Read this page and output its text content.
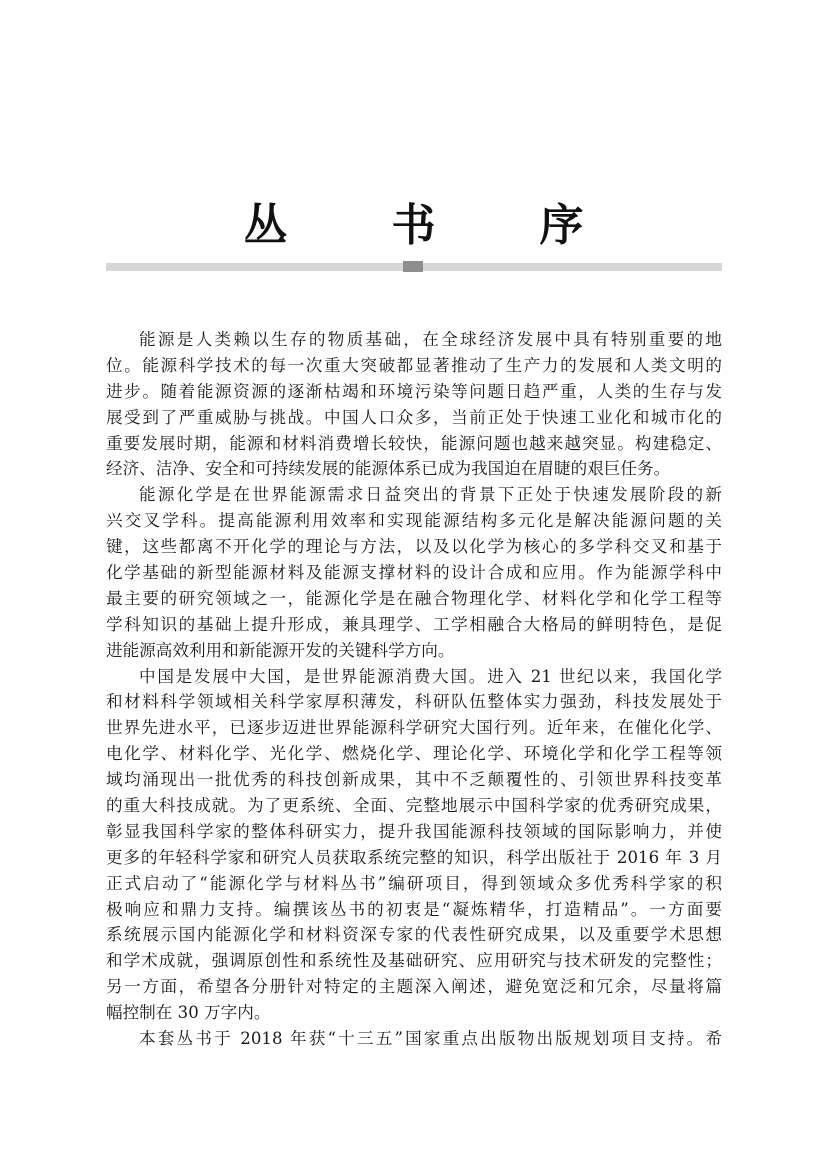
丛　书　序
能源是人类赖以生存的物质基础，在全球经济发展中具有特别重要的地
位。能源科学技术的每一次重大突破都显著推动了生产力的发展和人类文明的
进步。随着能源资源的逐渐枯竭和环境污染等问题日趋严重，人类的生存与发
展受到了严重威胁与挑战。中国人口众多，当前正处于快速工业化和城市化的
重要发展时期，能源和材料消费增长较快，能源问题也越来越突显。构建稳定、
经济、洁净、安全和可持续发展的能源体系已成为我国迫在眉睫的艰巨任务。
能源化学是在世界能源需求日益突出的背景下正处于快速发展阶段的新
兴交叉学科。提高能源利用效率和实现能源结构多元化是解决能源问题的关
键，这些都离不开化学的理论与方法，以及以化学为核心的多学科交叉和基于
化学基础的新型能源材料及能源支撑材料的设计合成和应用。作为能源学科中
最主要的研究领域之一，能源化学是在融合物理化学、材料化学和化学工程等
学科知识的基础上提升形成，兼具理学、工学相融合大格局的鲜明特色，是促
进能源高效利用和新能源开发的关键科学方向。
中国是发展中大国，是世界能源消费大国。进入 21 世纪以来，我国化学
和材料科学领域相关科学家厚积薄发，科研队伍整体实力强劲，科技发展处于
世界先进水平，已逐步迈进世界能源科学研究大国行列。近年来，在催化化学、
电化学、材料化学、光化学、燃烧化学、理论化学、环境化学和化学工程等领
域均涌现出一批优秀的科技创新成果，其中不乏颠覆性的、引领世界科技变革
的重大科技成就。为了更系统、全面、完整地展示中国科学家的优秀研究成果，
彰显我国科学家的整体科研实力，提升我国能源科技领域的国际影响力，并使
更多的年轻科学家和研究人员获取系统完整的知识，科学出版社于 2016 年 3 月
正式启动了“能源化学与材料丛书”编研项目，得到领域众多优秀科学家的积
极响应和鼎力支持。编撰该丛书的初衷是“凝炼精华，打造精品”。一方面要
系统展示国内能源化学和材料资深专家的代表性研究成果，以及重要学术思想
和学术成就，强调原创性和系统性及基础研究、应用研究与技术研发的完整性；
另一方面，希望各分册针对特定的主题深入阐述，避免宽泛和冗余，尽量将篇
幅控制在 30 万字内。
本套丛书于 2018 年获“十三五”国家重点出版物出版规划项目支持。希
